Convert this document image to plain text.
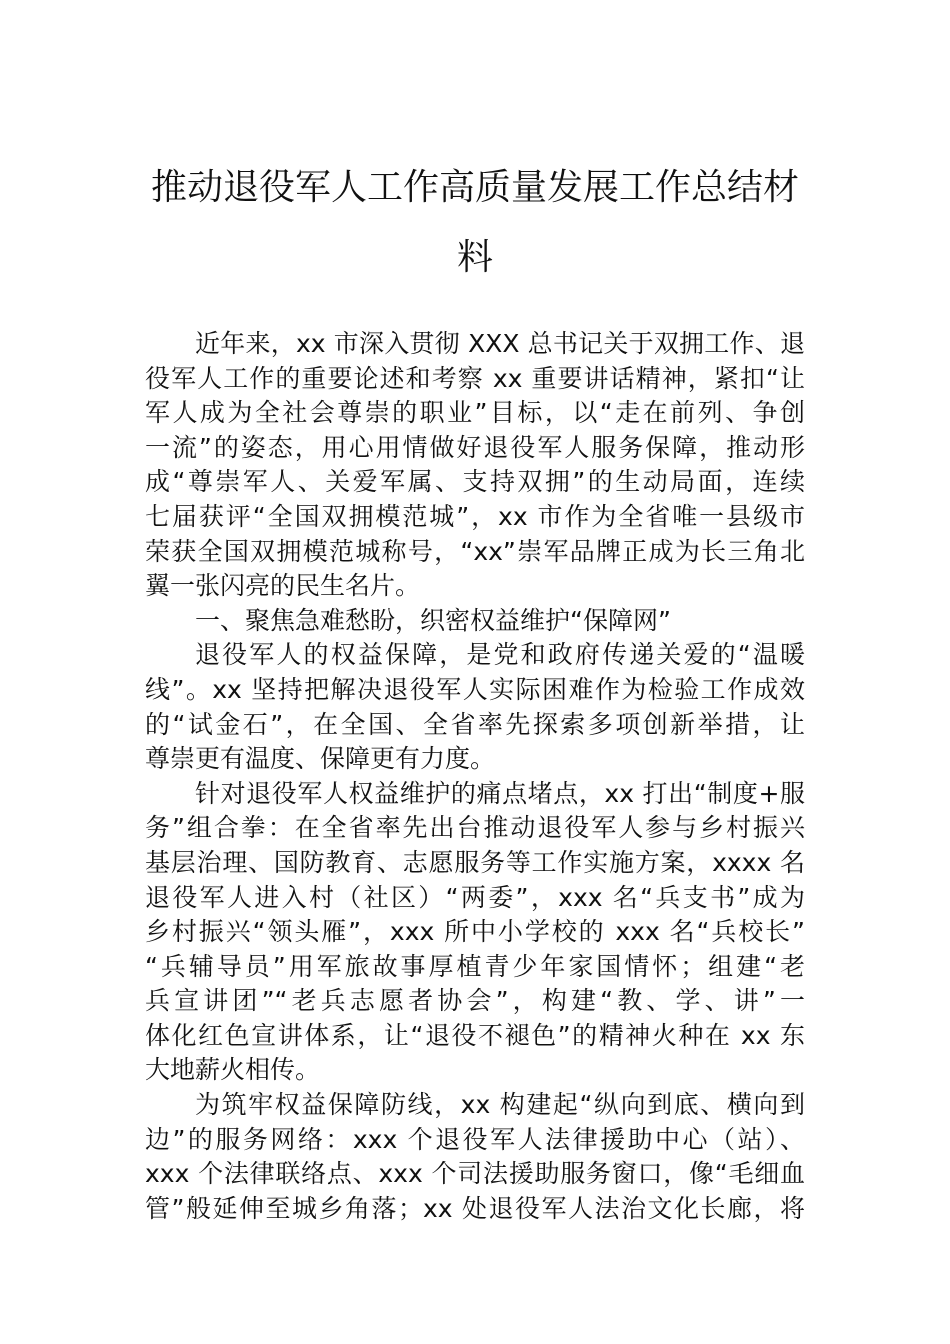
推动退役军人工作高质量发展工作总结材
料
近年来，xx 市深入贯彻 XXX 总书记关于双拥工作、退
役军人工作的重要论述和考察 xx 重要讲话精神，紧扣“让
军人成为全社会尊崇的职业”目标，以“走在前列、争创
一流”的姿态，用心用情做好退役军人服务保障，推动形
成“尊崇军人、关爱军属、支持双拥”的生动局面，连续
七届获评“全国双拥模范城”，xx 市作为全省唯一县级市
荣获全国双拥模范城称号，“xx”崇军品牌正成为长三角北
翼一张闪亮的民生名片。
一、聚焦急难愁盼，织密权益维护“保障网”
退役军人的权益保障，是党和政府传递关爱的“温暖
线”。xx 坚持把解决退役军人实际困难作为检验工作成效
的“试金石”，在全国、全省率先探索多项创新举措，让
尊崇更有温度、保障更有力度。
针对退役军人权益维护的痛点堵点，xx 打出“制度+服
务”组合拳：在全省率先出台推动退役军人参与乡村振兴
基层治理、国防教育、志愿服务等工作实施方案，xxxx 名
退役军人进入村（社区）“两委”，xxx 名“兵支书”成为
乡村振兴“领头雁”，xxx 所中小学校的 xxx 名“兵校长”
“兵辅导员”用军旅故事厚植青少年家国情怀；组建“老
兵宣讲团”“老兵志愿者协会”，构建“教、学、讲”一
体化红色宣讲体系，让“退役不褪色”的精神火种在 xx 东
大地薪火相传。
为筑牢权益保障防线，xx 构建起“纵向到底、横向到
边”的服务网络：xxx 个退役军人法律援助中心（站）、
xxx 个法律联络点、xxx 个司法援助服务窗口，像“毛细血
管”般延伸至城乡角落；xx 处退役军人法治文化长廊，将
